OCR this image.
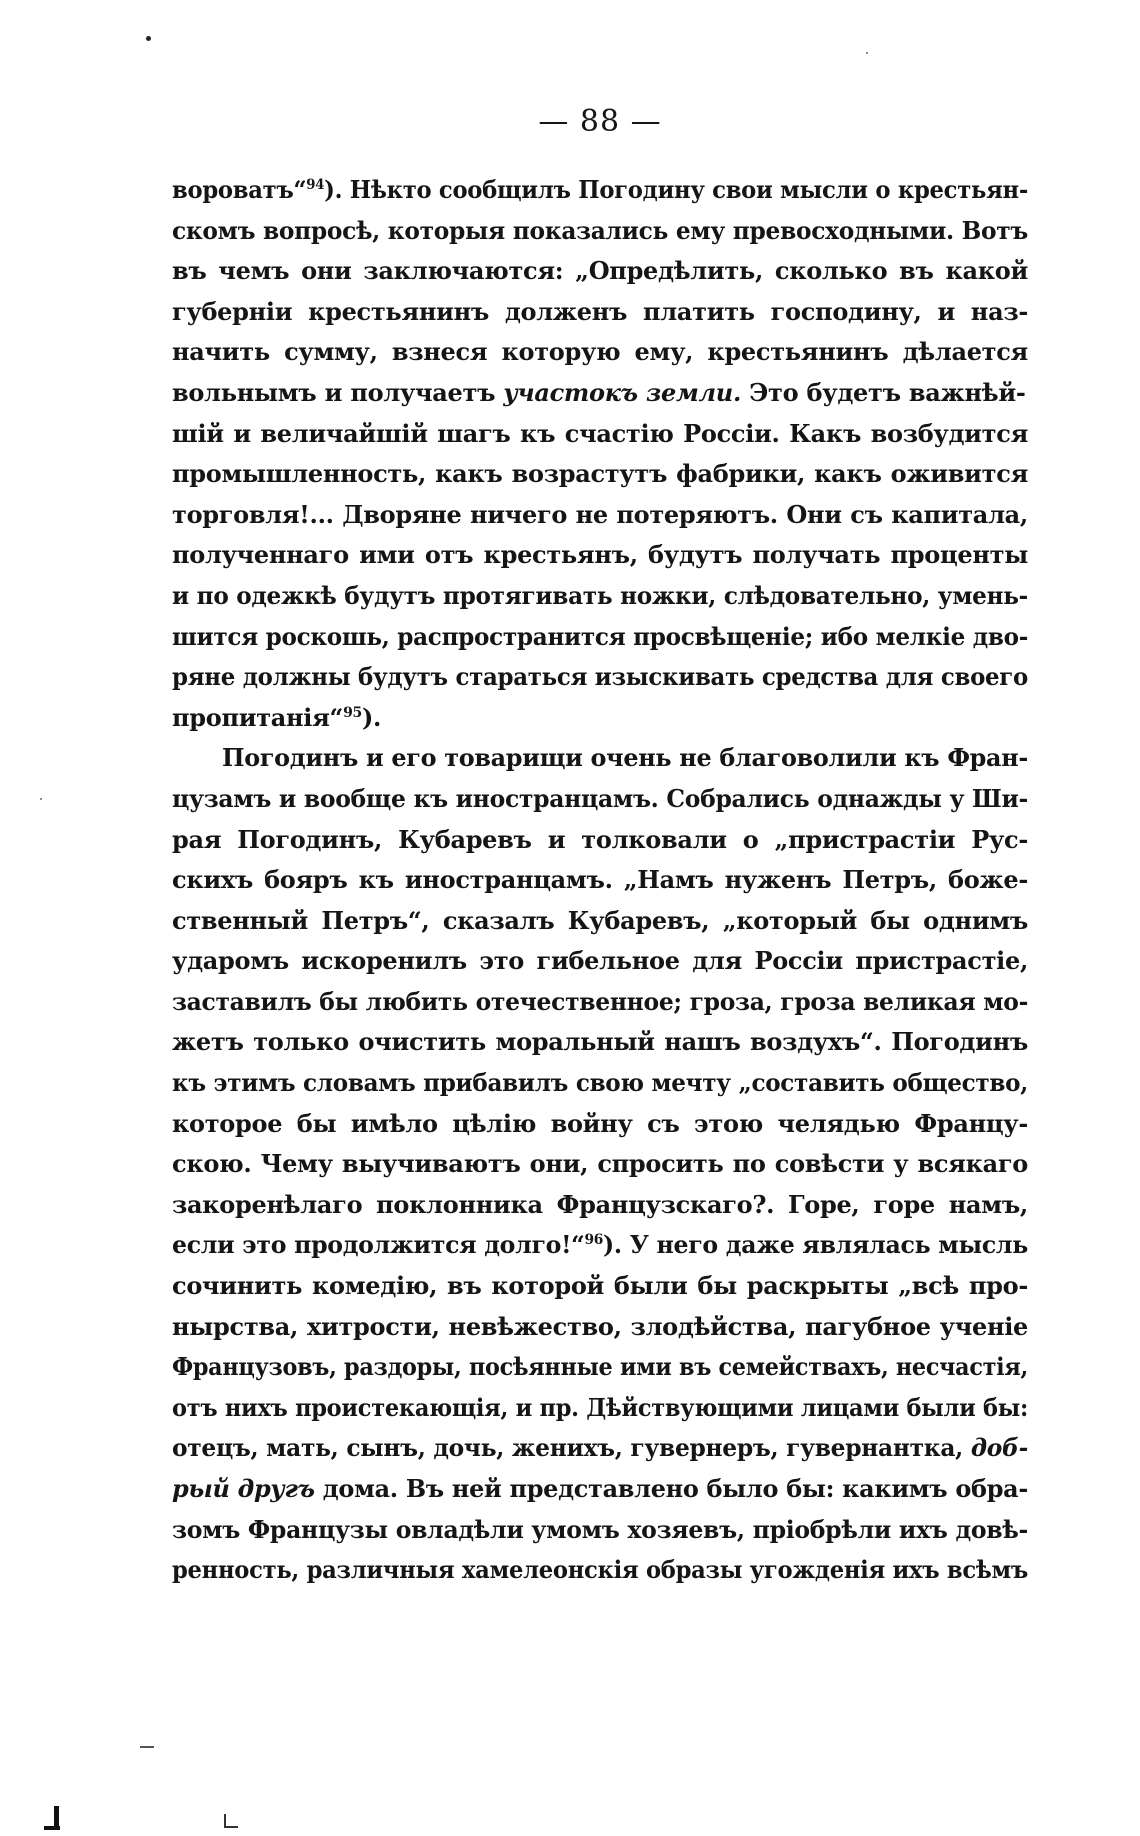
— 88 —
вороватъ“$^{94}$). Нѣкто сообщилъ Погодину свои мысли о крестьян-
скомъ вопросѣ, которыя показались ему превосходными. Вотъ
въ чемъ они заключаются: „Опредѣлить, сколько въ какой
губерніи крестьянинъ долженъ платить господину, и наз-
начить сумму, взнеся которую ему, крестьянинъ дѣлается
вольнымъ и получаетъ участокъ земли. Это будетъ важнѣй-
шій и величайшій шагъ къ счастію Россіи. Какъ возбудится
промышленность, какъ возрастутъ фабрики, какъ оживится
торговля!... Дворяне ничего не потеряютъ. Они съ капитала,
полученнаго ими отъ крестьянъ, будутъ получать проценты
и по одежкѣ будутъ протягивать ножки, слѣдовательно, умень-
шится роскошь, распространится просвѣщеніе; ибо мелкіе дво-
ряне должны будутъ стараться изыскивать средства для своего
пропитанія“$^{95}$).
Погодинъ и его товарищи очень не благоволили къ Фран-
цузамъ и вообще къ иностранцамъ. Собрались однажды у Ши-
рая Погодинъ, Кубаревъ и толковали о „пристрастіи Рус-
скихъ бояръ къ иностранцамъ. „Намъ нуженъ Петръ, боже-
ственный Петръ“, сказалъ Кубаревъ, „который бы однимъ
ударомъ искоренилъ это гибельное для Россіи пристрастіе,
заставилъ бы любить отечественное; гроза, гроза великая мо-
жетъ только очистить моральный нашъ воздухъ“. Погодинъ
къ этимъ словамъ прибавилъ свою мечту „составить общество,
которое бы имѣло цѣлію войну съ этою челядью Францу-
скою. Чему выучиваютъ они, спросить по совѣсти у всякаго
закоренѣлаго поклонника Французскаго?. Горе, горе намъ,
если это продолжится долго!“$^{96}$). У него даже являлась мысль
сочинить комедію, въ которой были бы раскрыты „всѣ про-
нырства, хитрости, невѣжество, злодѣйства, пагубное ученіе
Французовъ, раздоры, посѣянные ими въ семействахъ, несчастія,
отъ нихъ проистекающія, и пр. Дѣйствующими лицами были бы:
отецъ, мать, сынъ, дочь, женихъ, гувернеръ, гувернантка, доб-
рый другъ дома. Въ ней представлено было бы: какимъ обра-
зомъ Французы овладѣли умомъ хозяевъ, пріобрѣли ихъ довѣ-
ренность, различныя хамелеонскія образы угожденія ихъ всѣмъ
